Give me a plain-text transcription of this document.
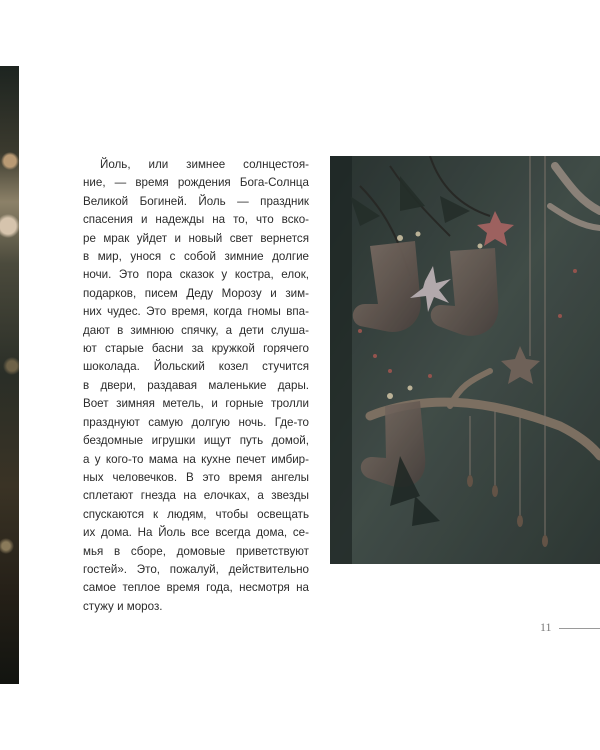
Йоль, или зимнее солнцестоя-
ние, — время рождения Бога-Солнца
Великой Богиней. Йоль — праздник
спасения и надежды на то, что вско-
ре мрак уйдет и новый свет вернется
в мир, унося с собой зимние долгие
ночи. Это пора сказок у костра, елок,
подарков, писем Деду Морозу и зим-
них чудес. Это время, когда гномы впа-
дают в зимнюю спячку, а дети слуша-
ют старые басни за кружкой горячего
шоколада. Йольский козел стучится
в двери, раздавая маленькие дары.
Воет зимняя метель, и горные тролли
празднуют самую долгую ночь. Где-то
бездомные игрушки ищут путь домой,
а у кого-то мама на кухне печет имбир-
ных человечков. В это время ангелы
сплетают гнезда на елочках, а звезды
спускаются к людям, чтобы освещать
их дома. На Йоль все всегда дома, се-
мья в сборе, домовые приветствуют
гостей». Это, пожалуй, действительно
самое теплое время года, несмотря на
стужу и мороз.
11
